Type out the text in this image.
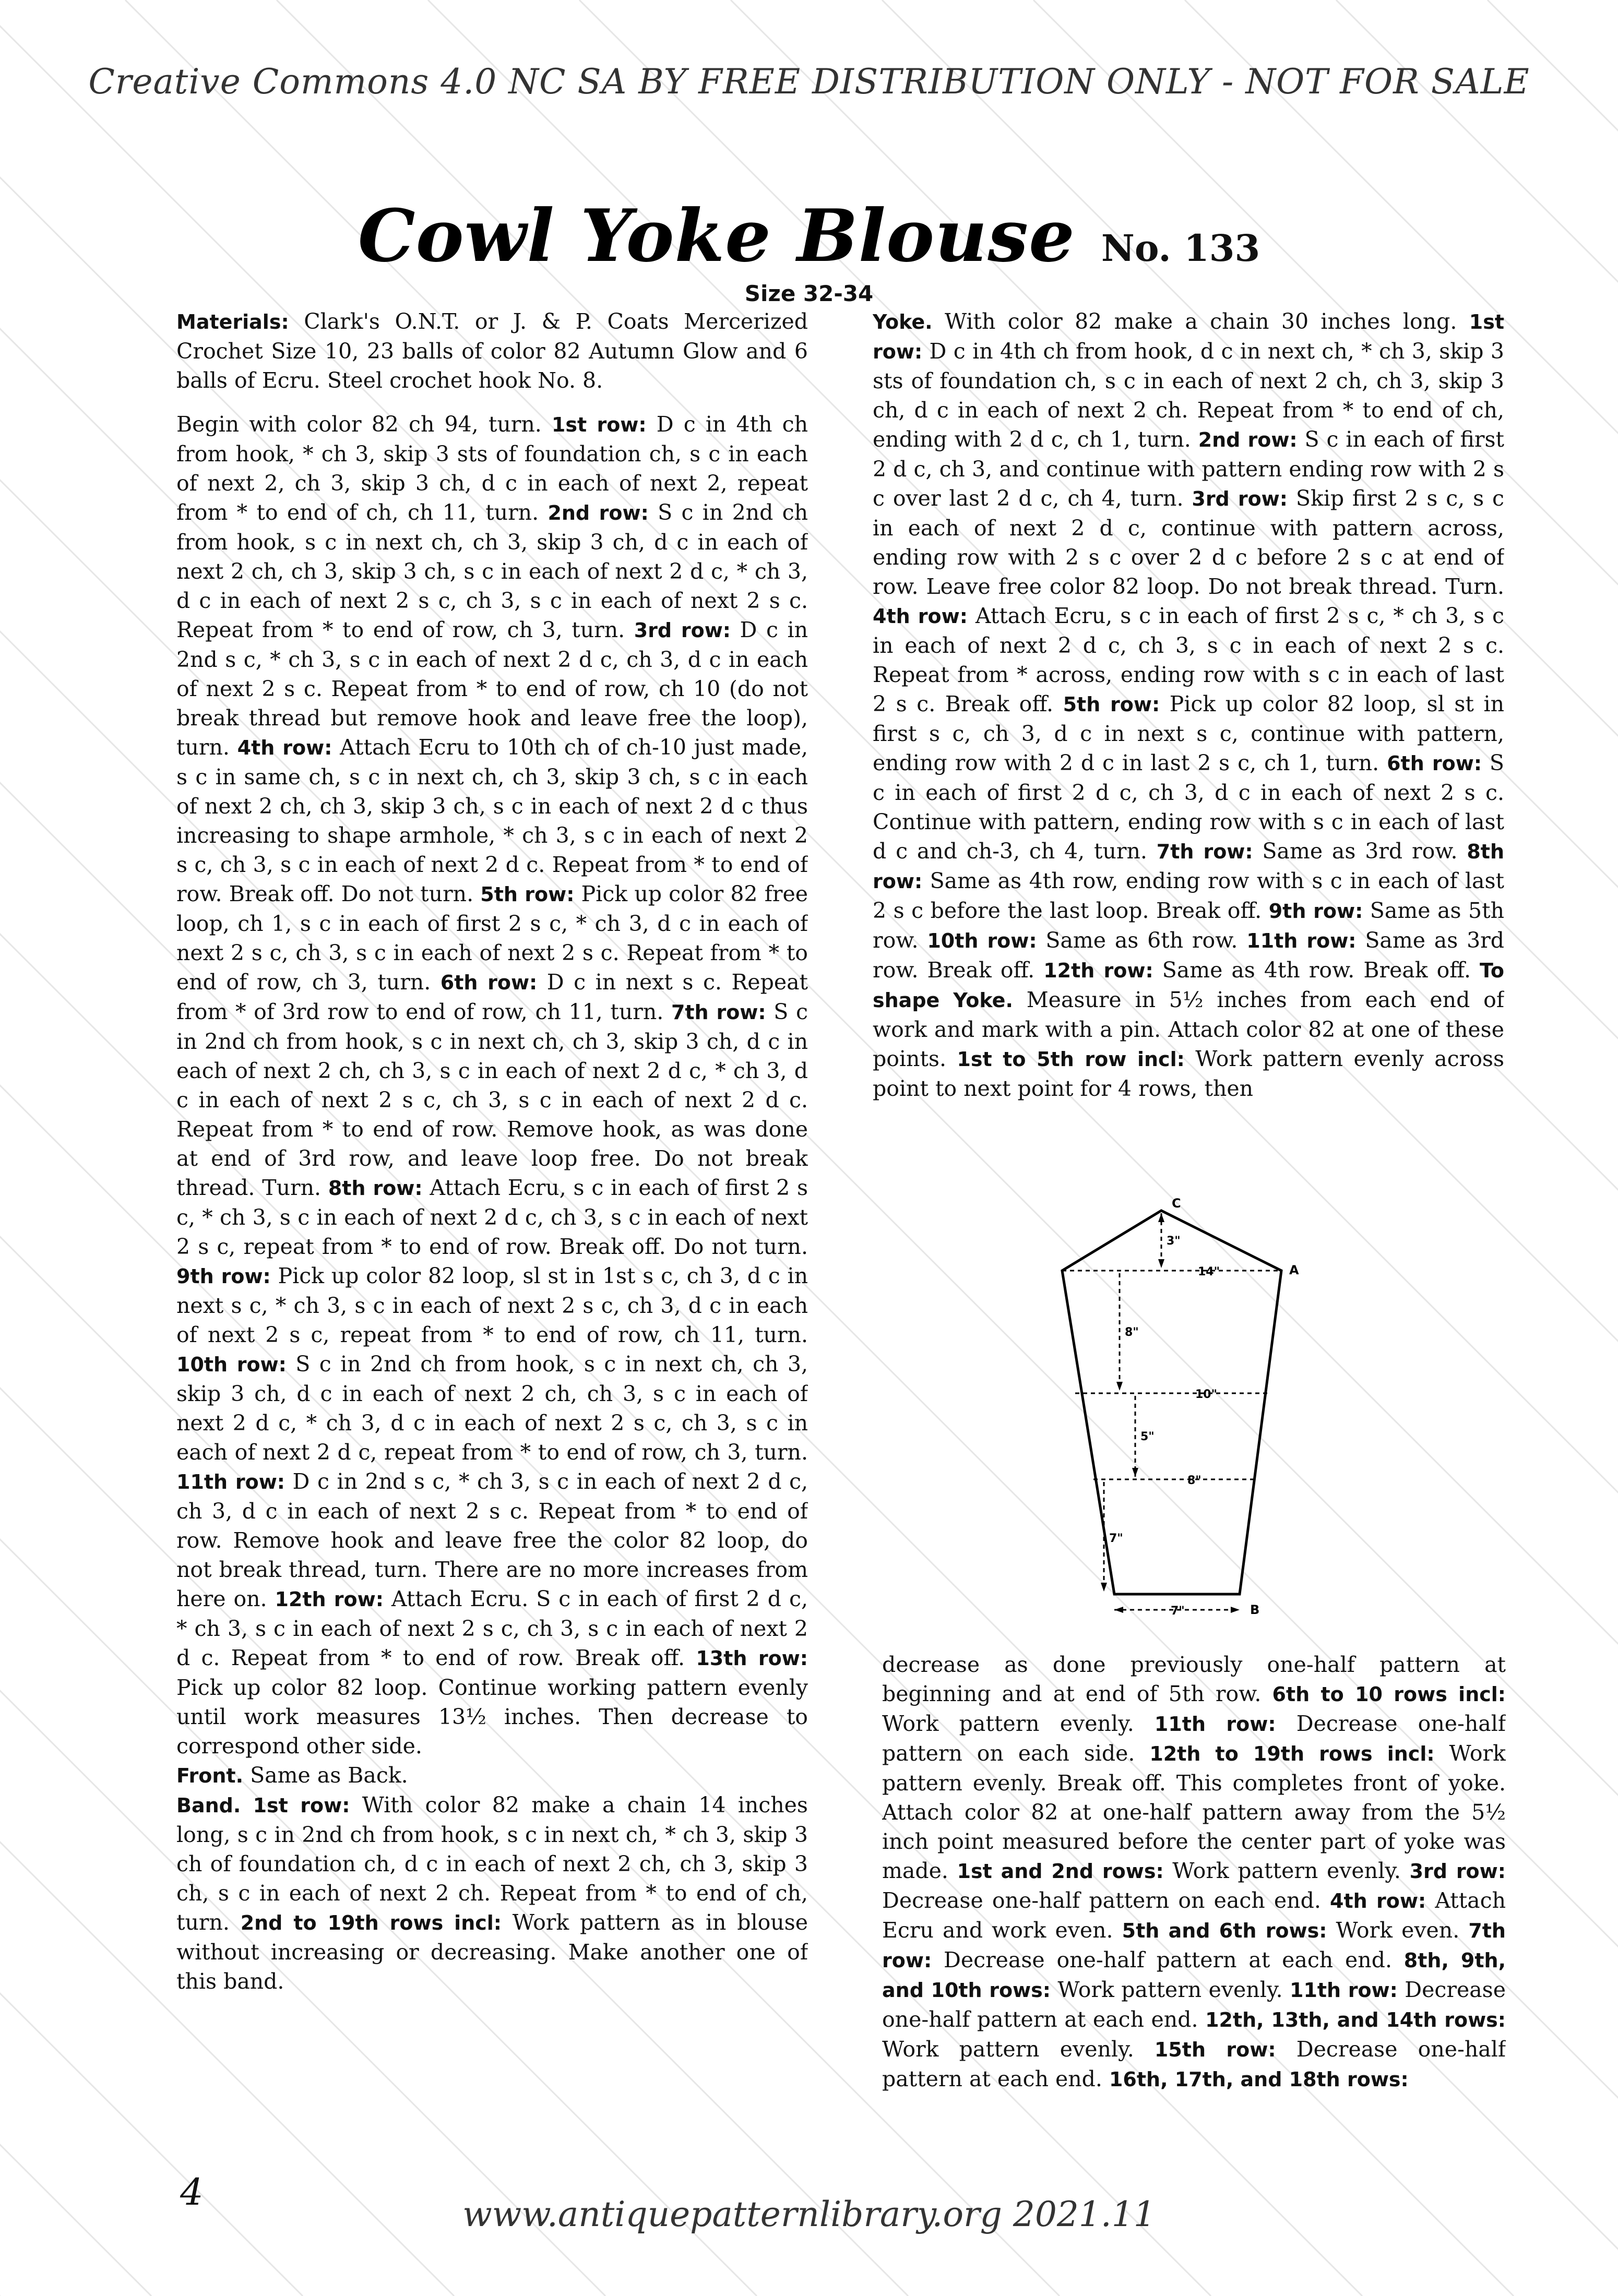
Creative Commons 4.0 NC SA BY FREE DISTRIBUTION ONLY - NOT FOR SALE
Cowl Yoke Blouse No. 133
Size 32-34

Materials: Clark's O.N.T. or J. & P. Coats Mercerized Crochet Size 10, 23 balls of color 82 Autumn Glow and 6 balls of Ecru. Steel crochet hook No. 8.

Begin with color 82 ch 94, turn. 1st row: D c in 4th ch from hook, * ch 3, skip 3 sts of foundation ch, s c in each of next 2, ch 3, skip 3 ch, d c in each of next 2, repeat from * to end of ch, ch 11, turn. 2nd row: S c in 2nd ch from hook, s c in next ch, ch 3, skip 3 ch, d c in each of next 2 ch, ch 3, skip 3 ch, s c in each of next 2 d c, * ch 3, d c in each of next 2 s c, ch 3, s c in each of next 2 s c. Repeat from * to end of row, ch 3, turn. 3rd row: D c in 2nd s c, * ch 3, s c in each of next 2 d c, ch 3, d c in each of next 2 s c. Repeat from * to end of row, ch 10 (do not break thread but remove hook and leave free the loop), turn. 4th row: Attach Ecru to 10th ch of ch-10 just made, s c in same ch, s c in next ch, ch 3, skip 3 ch, s c in each of next 2 ch, ch 3, skip 3 ch, s c in each of next 2 d c thus increasing to shape armhole, * ch 3, s c in each of next 2 s c, ch 3, s c in each of next 2 d c. Repeat from * to end of row. Break off. Do not turn. 5th row: Pick up color 82 free loop, ch 1, s c in each of first 2 s c, * ch 3, d c in each of next 2 s c, ch 3, s c in each of next 2 s c. Repeat from * to end of row, ch 3, turn. 6th row: D c in next s c. Repeat from * of 3rd row to end of row, ch 11, turn. 7th row: S c in 2nd ch from hook, s c in next ch, ch 3, skip 3 ch, d c in each of next 2 ch, ch 3, s c in each of next 2 d c, * ch 3, d c in each of next 2 s c, ch 3, s c in each of next 2 d c. Repeat from * to end of row. Remove hook, as was done at end of 3rd row, and leave loop free. Do not break thread. Turn. 8th row: Attach Ecru, s c in each of first 2 s c, * ch 3, s c in each of next 2 d c, ch 3, s c in each of next 2 s c, repeat from * to end of row. Break off. Do not turn. 9th row: Pick up color 82 loop, sl st in 1st s c, ch 3, d c in next s c, * ch 3, s c in each of next 2 s c, ch 3, d c in each of next 2 s c, repeat from * to end of row, ch 11, turn. 10th row: S c in 2nd ch from hook, s c in next ch, ch 3, skip 3 ch, d c in each of next 2 ch, ch 3, s c in each of next 2 d c, * ch 3, d c in each of next 2 s c, ch 3, s c in each of next 2 d c, repeat from * to end of row, ch 3, turn. 11th row: D c in 2nd s c, * ch 3, s c in each of next 2 d c, ch 3, d c in each of next 2 s c. Repeat from * to end of row. Remove hook and leave free the color 82 loop, do not break thread, turn. There are no more increases from here on. 12th row: Attach Ecru. S c in each of first 2 d c, * ch 3, s c in each of next 2 s c, ch 3, s c in each of next 2 d c. Repeat from * to end of row. Break off. 13th row: Pick up color 82 loop. Continue working pattern evenly until work measures 13½ inches. Then decrease to correspond other side.

Front. Same as Back.

Band. 1st row: With color 82 make a chain 14 inches long, s c in 2nd ch from hook, s c in next ch, * ch 3, skip 3 ch of foundation ch, d c in each of next 2 ch, ch 3, skip 3 ch, s c in each of next 2 ch. Repeat from * to end of ch, turn. 2nd to 19th rows incl: Work pattern as in blouse without increasing or decreasing. Make another one of this band.

Yoke. With color 82 make a chain 30 inches long. 1st row: D c in 4th ch from hook, d c in next ch, * ch 3, skip 3 sts of foundation ch, s c in each of next 2 ch, ch 3, skip 3 ch, d c in each of next 2 ch. Repeat from * to end of ch, ending with 2 d c, ch 1, turn. 2nd row: S c in each of first 2 d c, ch 3, and continue with pattern ending row with 2 s c over last 2 d c, ch 4, turn. 3rd row: Skip first 2 s c, s c in each of next 2 d c, continue with pattern across, ending row with 2 s c over 2 d c before 2 s c at end of row. Leave free color 82 loop. Do not break thread. Turn. 4th row: Attach Ecru, s c in each of first 2 s c, * ch 3, s c in each of next 2 d c, ch 3, s c in each of next 2 s c. Repeat from * across, ending row with s c in each of last 2 s c. Break off. 5th row: Pick up color 82 loop, sl st in first s c, ch 3, d c in next s c, continue with pattern, ending row with 2 d c in last 2 s c, ch 1, turn. 6th row: S c in each of first 2 d c, ch 3, d c in each of next 2 s c. Continue with pattern, ending row with s c in each of last d c and ch-3, ch 4, turn. 7th row: Same as 3rd row. 8th row: Same as 4th row, ending row with s c in each of last 2 s c before the last loop. Break off. 9th row: Same as 5th row. 10th row: Same as 6th row. 11th row: Same as 3rd row. Break off. 12th row: Same as 4th row. Break off. To shape Yoke. Measure in 5½ inches from each end of work and mark with a pin. Attach color 82 at one of these points. 1st to 5th row incl: Work pattern evenly across point to next point for 4 rows, then

C
A
B
3"
14"
8"
10"
5"
8"
7"
7"

decrease as done previously one-half pattern at beginning and at end of 5th row. 6th to 10 rows incl: Work pattern evenly. 11th row: Decrease one-half pattern on each side. 12th to 19th rows incl: Work pattern evenly. Break off. This completes front of yoke. Attach color 82 at one-half pattern away from the 5½ inch point measured before the center part of yoke was made. 1st and 2nd rows: Work pattern evenly. 3rd row: Decrease one-half pattern on each end. 4th row: Attach Ecru and work even. 5th and 6th rows: Work even. 7th row: Decrease one-half pattern at each end. 8th, 9th, and 10th rows: Work pattern evenly. 11th row: Decrease one-half pattern at each end. 12th, 13th, and 14th rows: Work pattern evenly. 15th row: Decrease one-half pattern at each end. 16th, 17th, and 18th rows:

4
www.antiquepatternlibrary.org 2021.11
